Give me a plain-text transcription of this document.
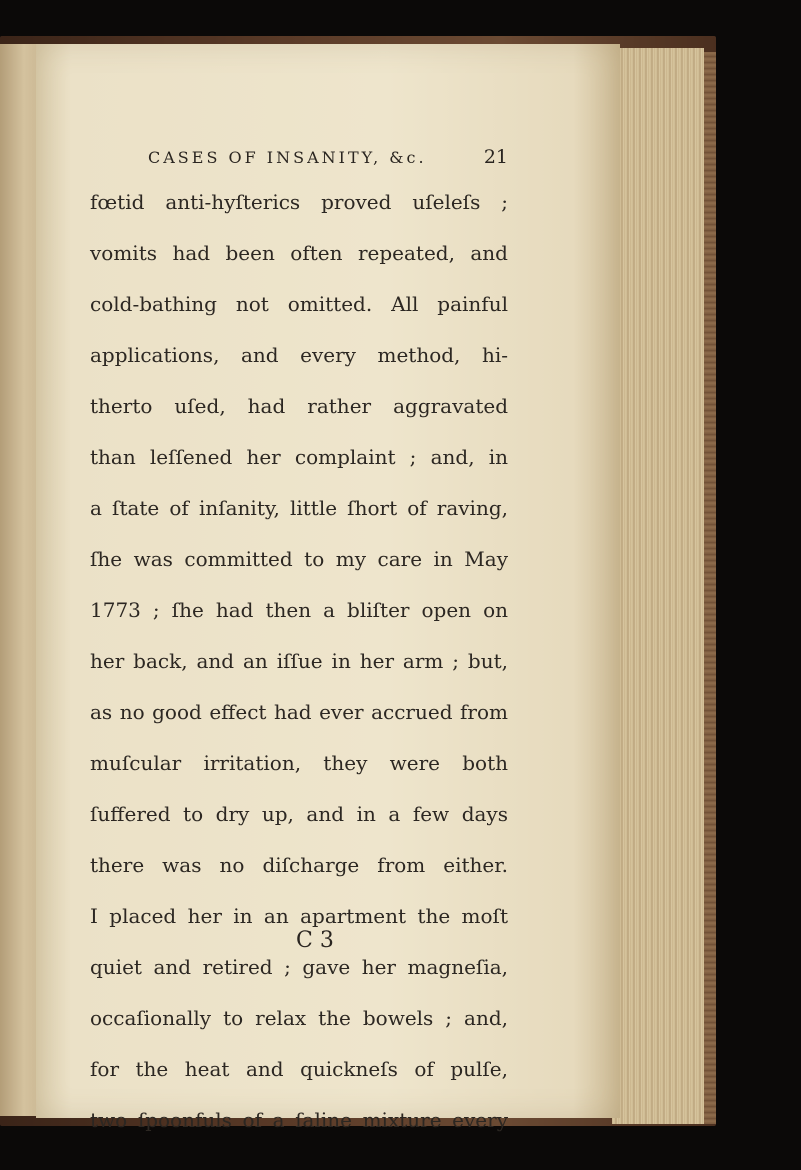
CASES OF INSANITY, &c.	21
fœtid anti-hyſterics proved uſeleſs ;
vomits had been often repeated, and
cold-bathing not omitted. All painful
applications, and every method, hi-
therto uſed, had rather aggravated
than leſſened her complaint ; and, in
a ſtate of inſanity, little ſhort of raving,
ſhe was committed to my care in May
1773 ; ſhe had then a bliſter open on
her back, and an iſſue in her arm ; but,
as no good effect had ever accrued from
muſcular irritation, they were both
ſuffered to dry up, and in a few days
there was no diſcharge from either.
I placed her in an apartment the moſt
quiet and retired ; gave her magneſia,
occaſionally to relax the bowels ; and,
for the heat and quickneſs of pulſe,
two ſpoonfuls of a ſaline mixture every
C 3
